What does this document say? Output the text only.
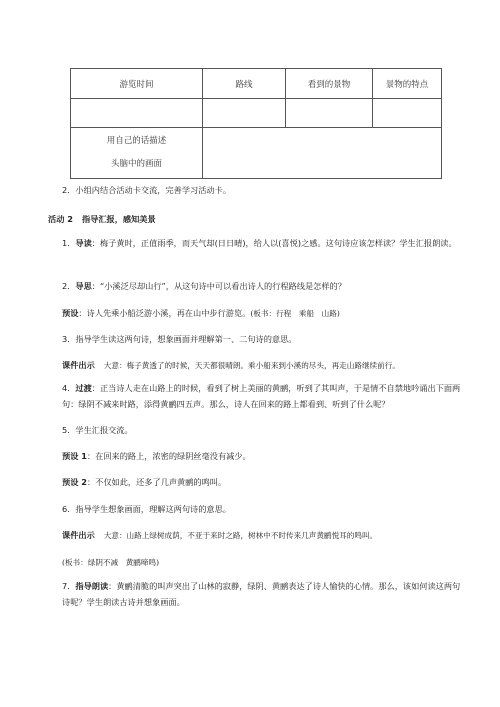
游览时间	路线	看到的景物	景物的特点

用自己的话描述
头脑中的画面			

2．小组内结合活动卡交流，完善学习活动卡。
活动 2 指导汇报，感知美景
1．导读：梅子黄时，正值雨季，而天气却(日日晴)，给人以(喜悦)之感。这句诗应该怎样读？学生汇报朗读。
2．导思：“小溪泛尽却山行”，从这句诗中可以看出诗人的行程路线是怎样的？
预设：诗人先乘小船泛游小溪，再在山中步行游览。(板书：行程　乘船　山路)
3．指导学生读这两句诗，想象画面并理解第一、二句诗的意思。
课件出示 大意：梅子黄透了的时候，天天都很晴朗。乘小船来到小溪的尽头，再走山路继续前行。
4．过渡：正当诗人走在山路上的时候，看到了树上美丽的黄鹂，听到了其叫声，于是情不自禁地吟诵出下面两句：绿阴不减来时路，添得黄鹂四五声。那么，诗人在回来的路上都看到、听到了什么呢？
5．学生汇报交流。
预设 1：在回来的路上，浓密的绿阴丝毫没有减少。
预设 2：不仅如此，还多了几声黄鹂的鸣叫。
6．指导学生想象画面，理解这两句诗的意思。
课件出示 大意：山路上绿树成荫，不亚于来时之路，树林中不时传来几声黄鹂悦耳的鸣叫。
(板书：绿阴不减　黄鹂啼鸣)
7．指导朗读：黄鹂清脆的叫声突出了山林的寂静，绿阴、黄鹂表达了诗人愉快的心情。那么，该如何读这两句诗呢？学生朗读古诗并想象画面。
